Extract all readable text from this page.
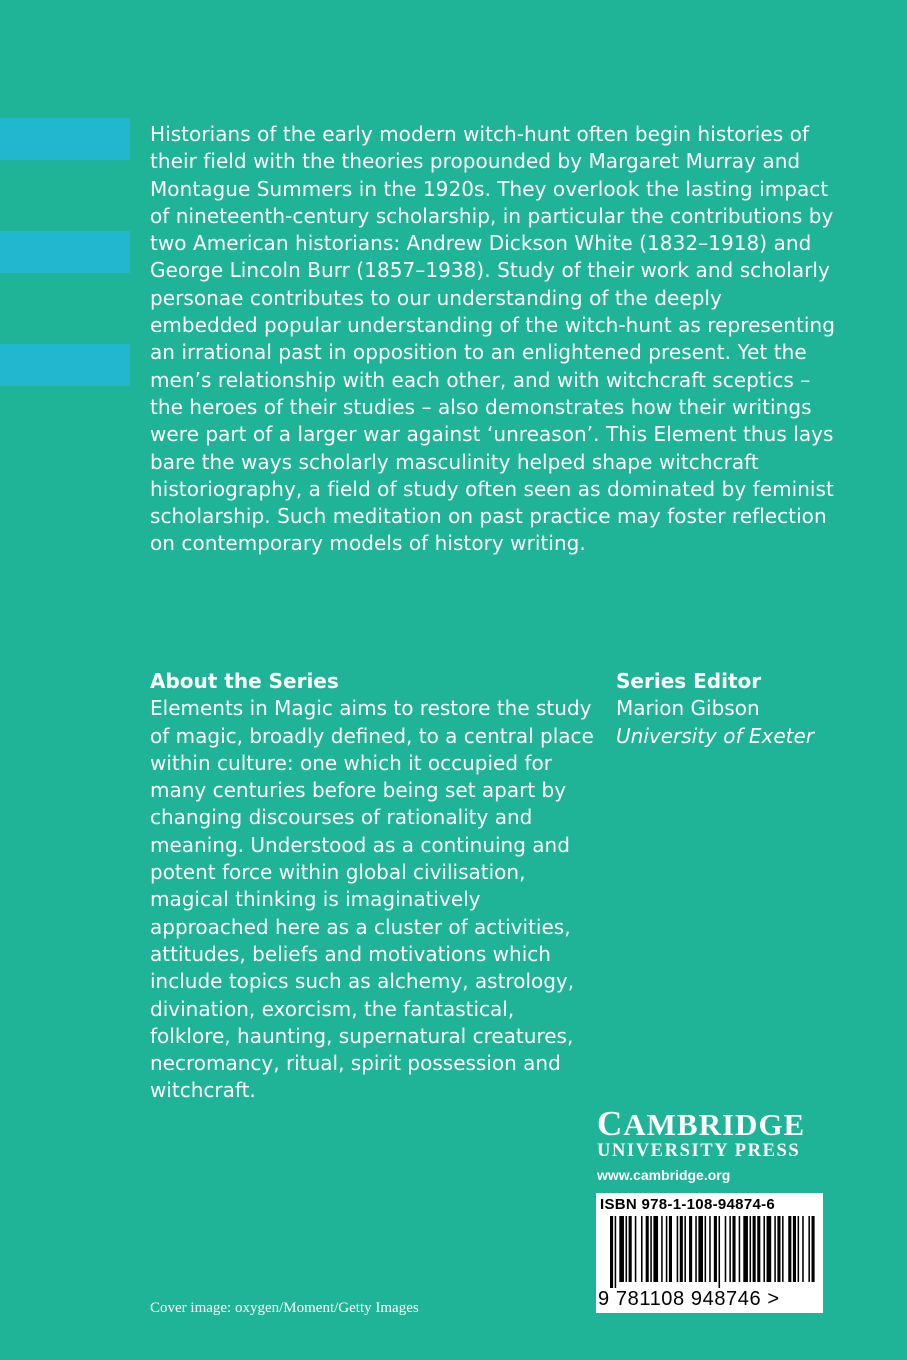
Historians of the early modern witch-hunt often begin histories of their field with the theories propounded by Margaret Murray and Montague Summers in the 1920s. They overlook the lasting impact of nineteenth-century scholarship, in particular the contributions by two American historians: Andrew Dickson White (1832–1918) and George Lincoln Burr (1857–1938). Study of their work and scholarly personae contributes to our understanding of the deeply embedded popular understanding of the witch-hunt as representing an irrational past in opposition to an enlightened present. Yet the men’s relationship with each other, and with witchcraft sceptics – the heroes of their studies – also demonstrates how their writings were part of a larger war against ‘unreason’. This Element thus lays bare the ways scholarly masculinity helped shape witchcraft historiography, a field of study often seen as dominated by feminist scholarship. Such meditation on past practice may foster reflection on contemporary models of history writing.

About the Series

Elements in Magic aims to restore the study of magic, broadly defined, to a central place within culture: one which it occupied for many centuries before being set apart by changing discourses of rationality and meaning. Understood as a continuing and potent force within global civilisation, magical thinking is imaginatively approached here as a cluster of activities, attitudes, beliefs and motivations which include topics such as alchemy, astrology, divination, exorcism, the fantastical, folklore, haunting, supernatural creatures, necromancy, ritual, spirit possession and witchcraft.

Series Editor
Marion Gibson
University of Exeter
CAMBRIDGE
UNIVERSITY PRESS
www.cambridge.org
ISBN 978-1-108-94874-6
9 781108 948746 >
Cover image: oxygen/Moment/Getty Images
